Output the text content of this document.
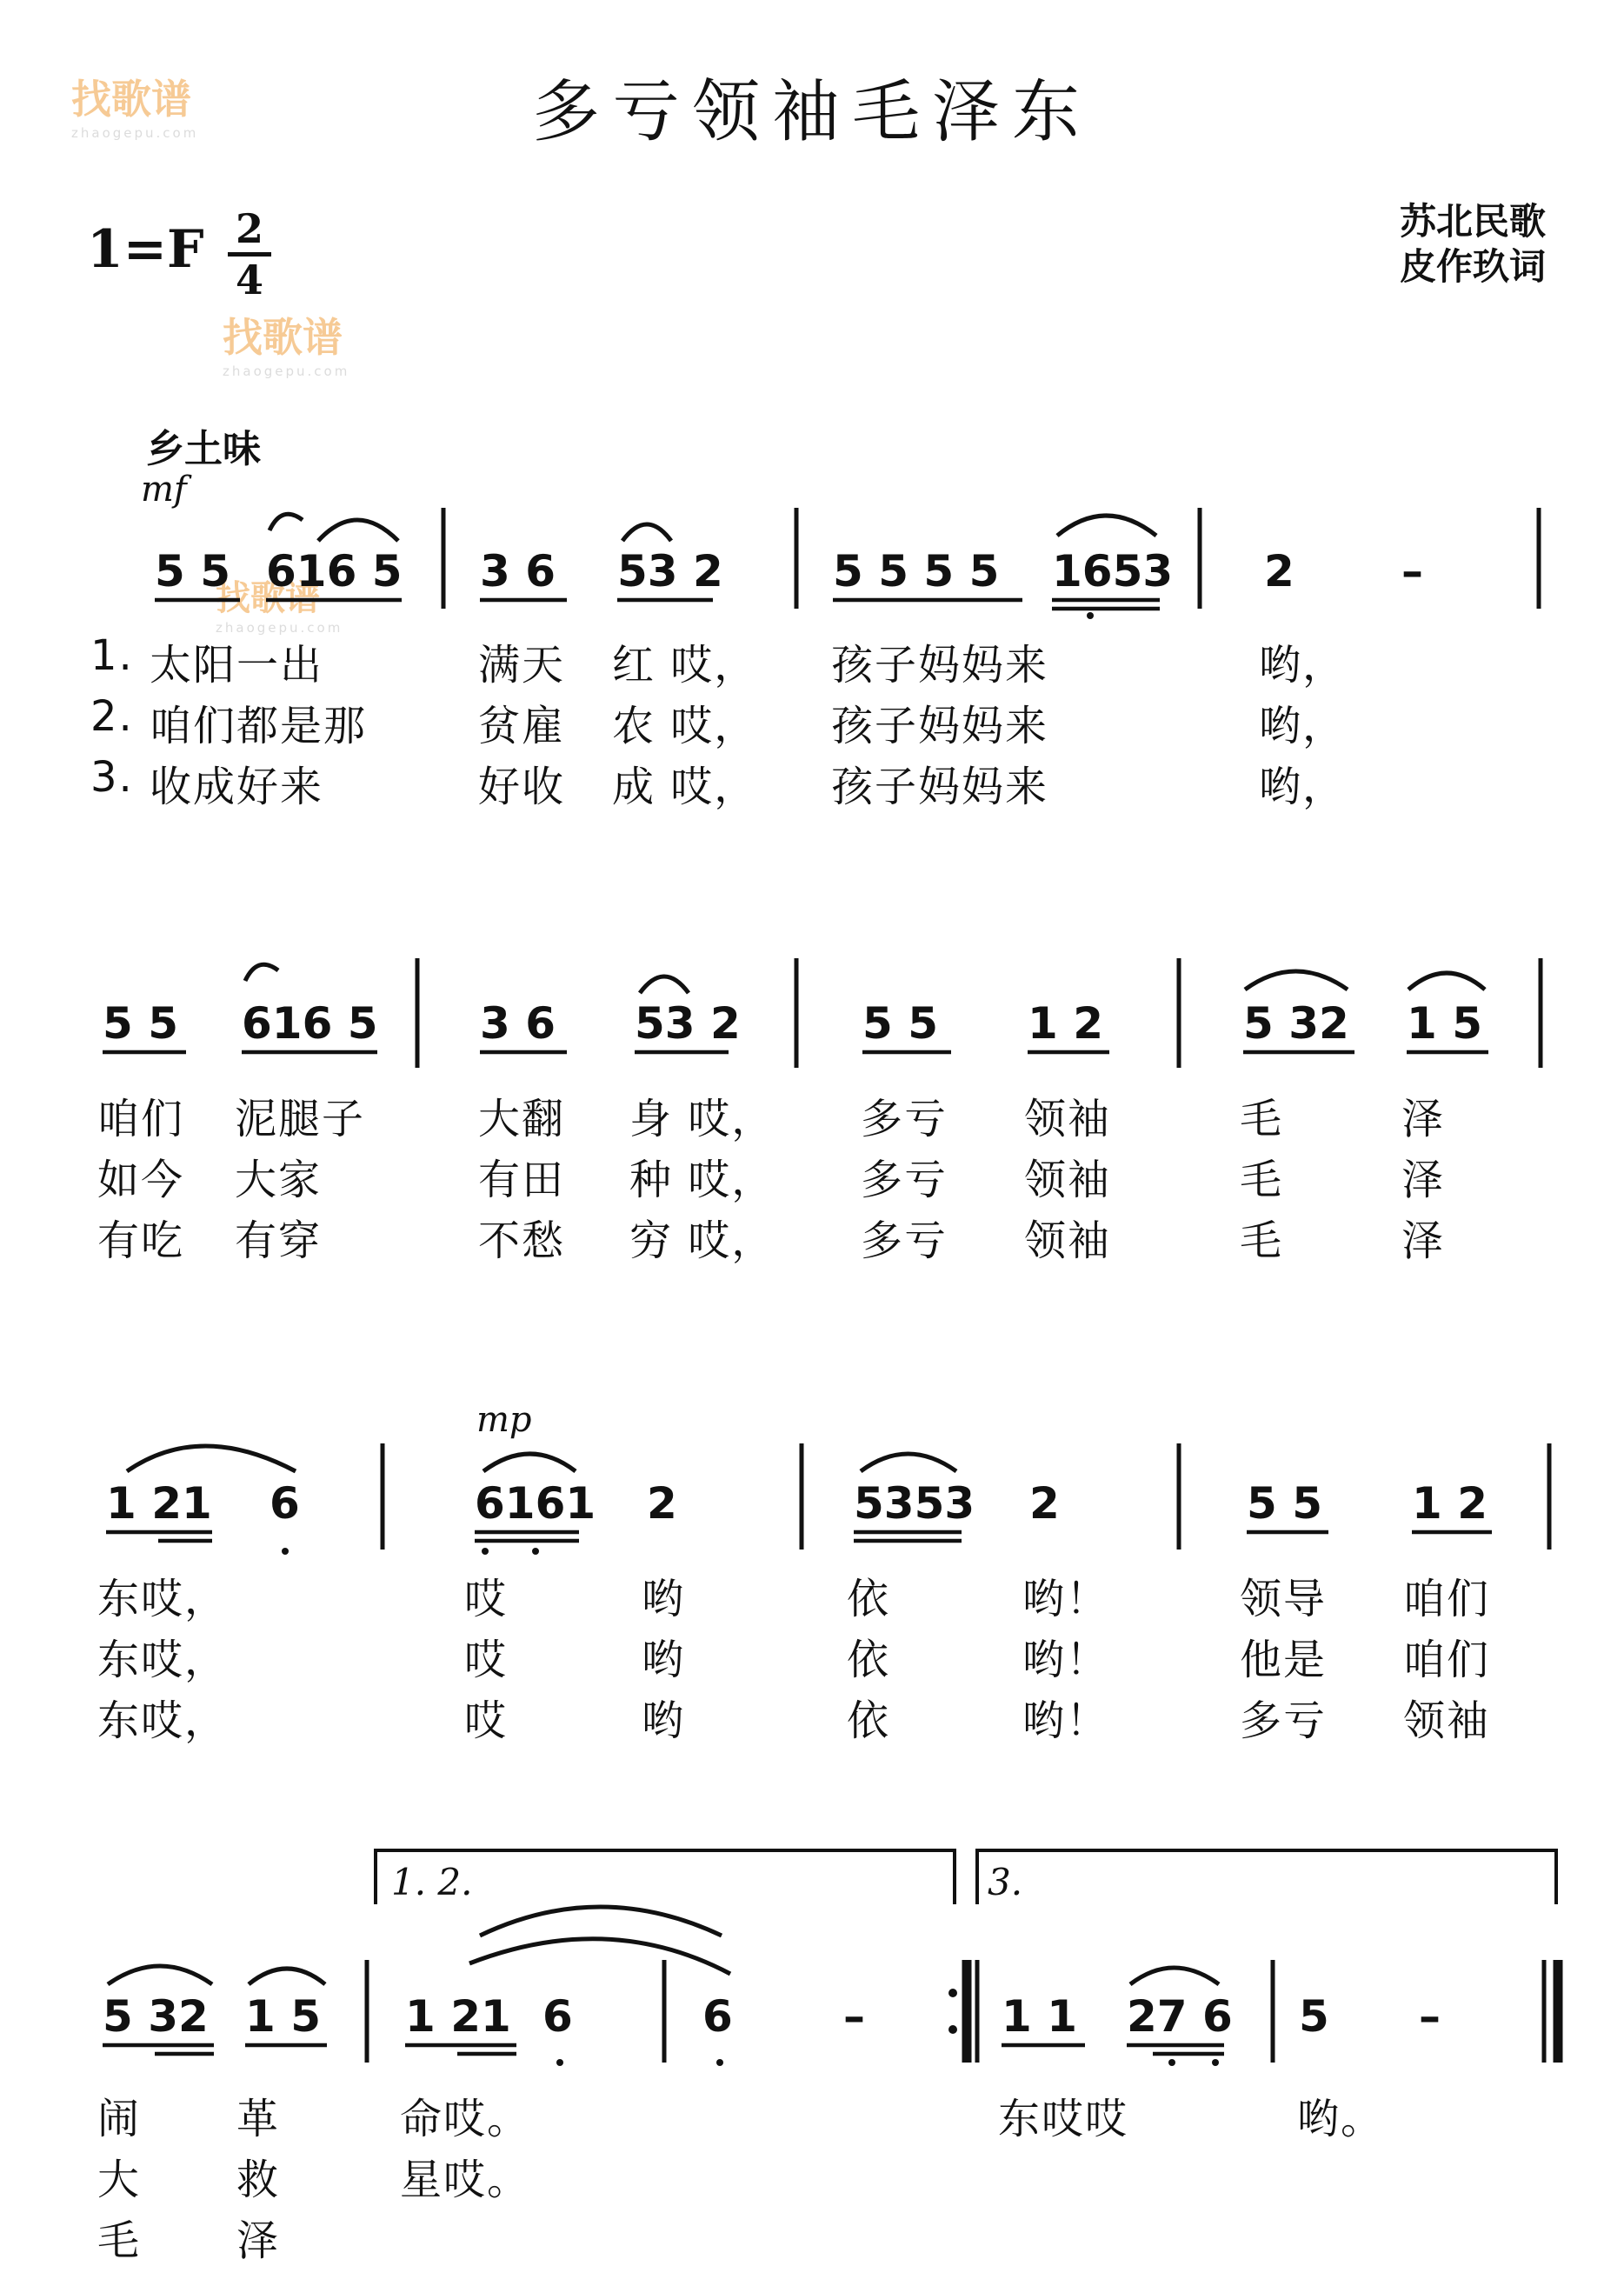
多亏领袖毛泽东
找歌谱
zhaogepu.com
找歌谱
zhaogepu.com
找歌谱
zhaogepu.com
1=F 2
4
苏北民歌
皮作玖词
乡土味
mf
mp
5 5 616 5 3 6 53 2	5 5 5 5 1653 2 –
1. 太阳一出	满天 红 哎， 孩子妈妈来	哟，
2. 咱们都是那	贫雇 农 哎， 孩子妈妈来	哟，
3. 收成好来	好收 成 哎， 孩子妈妈来	哟，
5 5 616 5 3 6 53 2	5 5 1 2	5 32 1 5
咱们 泥腿子	大翻 身 哎， 多亏 领袖	毛	泽
如今 大家	有田 种 哎， 多亏 领袖	毛	泽
有吃 有穿	不愁 穷 哎， 多亏 领袖	毛	泽
1 21 6	6161 2	5353 2	5 5 1 2
东哎，	哎	哟	依	哟！	领导 咱们
东哎，	哎	哟	依	哟！	他是 咱们
东哎，	哎	哟	依	哟！	多亏 领袖
1. 2.	3.
5 32 1 5 1 21 6	6	–	1 1 27 6 5 –
闹 革	命哎。	东哎哎	哟。
大 救	星哎。
毛 泽
